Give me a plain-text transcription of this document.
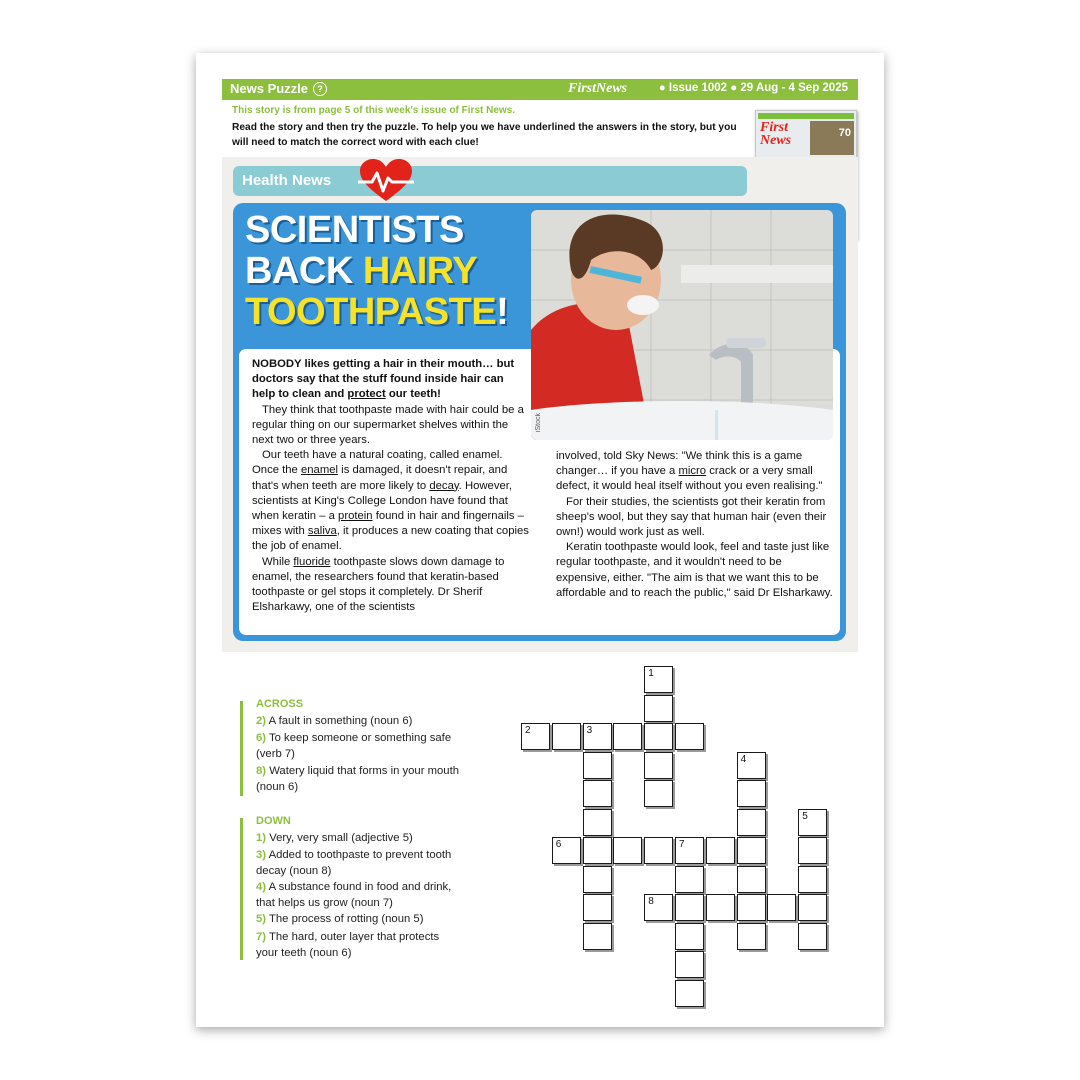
News Puzzle ?	FirstNews	● Issue 1002 ● 29 Aug - 4 Sep 2025
This story is from page 5 of this week's issue of First News.
Read the story and then try the puzzle. To help you we have underlined the answers in the story, but you will need to match the correct word with each clue!
First
News	70
Health News
SCIENTISTS
BACK HAIRY
TOOTHPASTE!
iStock

NOBODY likes getting a hair in their mouth… but doctors say that the stuff found inside hair can help to clean and protect our teeth!

They think that toothpaste made with hair could be a regular thing on our supermarket shelves within the next two or three years.

Our teeth have a natural coating, called enamel. Once the enamel is damaged, it doesn't repair, and that's when teeth are more likely to decay. However, scientists at King's College London have found that when keratin – a protein found in hair and fingernails – mixes with saliva, it produces a new coating that copies the job of enamel.

While fluoride toothpaste slows down damage to enamel, the researchers found that keratin-based toothpaste or gel stops it completely. Dr Sherif Elsharkawy, one of the scientists

involved, told Sky News: "We think this is a game changer… if you have a micro crack or a very small defect, it would heal itself without you even realising."

For their studies, the scientists got their keratin from sheep's wool, but they say that human hair (even their own!) would work just as well.

Keratin toothpaste would look, feel and taste just like regular toothpaste, and it wouldn't need to be expensive, either. "The aim is that we want this to be affordable and to reach the public," said Dr Elsharkawy.

ACROSS
2) A fault in something (noun 6)
6) To keep someone or something safe (verb 7)
8) Watery liquid that forms in your mouth (noun 6)
DOWN
1) Very, very small (adjective 5)
3) Added to toothpaste to prevent tooth decay (noun 8)
4) A substance found in food and drink, that helps us grow (noun 7)
5) The process of rotting (noun 5)
7) The hard, outer layer that protects your teeth (noun 6)
1
2	3
4
5
6	7
8
